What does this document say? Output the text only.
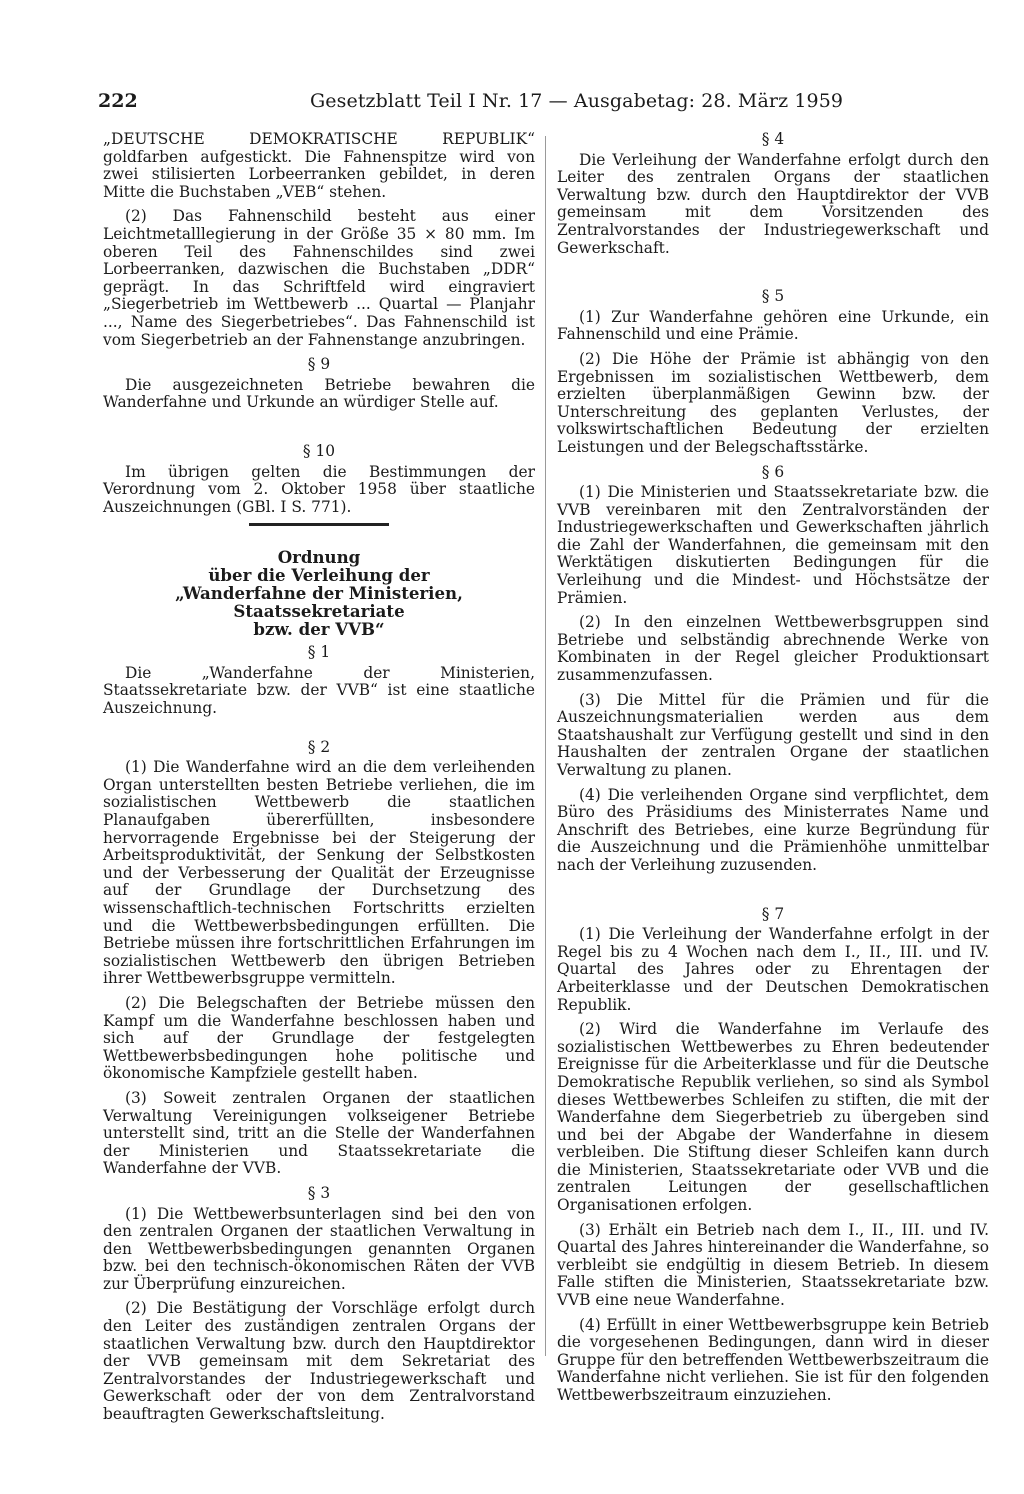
222	Gesetzblatt Teil I Nr. 17 — Ausgabetag: 28. März 1959

„DEUTSCHE DEMOKRATISCHE REPUBLIK“ goldfarben aufgestickt. Die Fahnenspitze wird von zwei stilisierten Lorbeerranken gebildet, in deren Mitte die Buchstaben „VEB“ stehen.

(2) Das Fahnenschild besteht aus einer Leichtmetalllegierung in der Größe 35 × 80 mm. Im oberen Teil des Fahnenschildes sind zwei Lorbeerranken, dazwischen die Buchstaben „DDR“ geprägt. In das Schriftfeld wird eingraviert „Siegerbetrieb im Wettbewerb ... Quartal — Planjahr ..., Name des Siegerbetriebes“. Das Fahnenschild ist vom Siegerbetrieb an der Fahnenstange anzubringen.

§ 9

Die ausgezeichneten Betriebe bewahren die Wanderfahne und Urkunde an würdiger Stelle auf.

§ 10

Im übrigen gelten die Bestimmungen der Verordnung vom 2. Oktober 1958 über staatliche Auszeichnungen (GBl. I S. 771).

Ordnung
über die Verleihung der
„Wanderfahne der Ministerien, Staatssekretariate
bzw. der VVB“
§ 1

Die „Wanderfahne der Ministerien, Staatssekretariate bzw. der VVB“ ist eine staatliche Auszeichnung.

§ 2

(1) Die Wanderfahne wird an die dem verleihenden Organ unterstellten besten Betriebe verliehen, die im sozialistischen Wettbewerb die staatlichen Planaufgaben übererfüllten, insbesondere hervorragende Ergebnisse bei der Steigerung der Arbeitsproduktivität, der Senkung der Selbstkosten und der Verbesserung der Qualität der Erzeugnisse auf der Grundlage der Durchsetzung des wissenschaftlich-technischen Fortschritts erzielten und die Wettbewerbsbedingungen erfüllten. Die Betriebe müssen ihre fortschrittlichen Erfahrungen im sozialistischen Wettbewerb den übrigen Betrieben ihrer Wettbewerbsgruppe vermitteln.

(2) Die Belegschaften der Betriebe müssen den Kampf um die Wanderfahne beschlossen haben und sich auf der Grundlage der festgelegten Wettbewerbsbedingungen hohe politische und ökonomische Kampfziele gestellt haben.

(3) Soweit zentralen Organen der staatlichen Verwaltung Vereinigungen volkseigener Betriebe unterstellt sind, tritt an die Stelle der Wanderfahnen der Ministerien und Staatssekretariate die Wanderfahne der VVB.

§ 3

(1) Die Wettbewerbsunterlagen sind bei den von den zentralen Organen der staatlichen Verwaltung in den Wettbewerbsbedingungen genannten Organen bzw. bei den technisch-ökonomischen Räten der VVB zur Überprüfung einzureichen.

(2) Die Bestätigung der Vorschläge erfolgt durch den Leiter des zuständigen zentralen Organs der staatlichen Verwaltung bzw. durch den Hauptdirektor der VVB gemeinsam mit dem Sekretariat des Zentralvorstandes der Industriegewerkschaft und Gewerkschaft oder der von dem Zentralvorstand beauftragten Gewerkschaftsleitung.

§ 4

Die Verleihung der Wanderfahne erfolgt durch den Leiter des zentralen Organs der staatlichen Verwaltung bzw. durch den Hauptdirektor der VVB gemeinsam mit dem Vorsitzenden des Zentralvorstandes der Industriegewerkschaft und Gewerkschaft.

§ 5

(1) Zur Wanderfahne gehören eine Urkunde, ein Fahnenschild und eine Prämie.

(2) Die Höhe der Prämie ist abhängig von den Ergebnissen im sozialistischen Wettbewerb, dem erzielten überplanmäßigen Gewinn bzw. der Unterschreitung des geplanten Verlustes, der volkswirtschaftlichen Bedeutung der erzielten Leistungen und der Belegschaftsstärke.

§ 6

(1) Die Ministerien und Staatssekretariate bzw. die VVB vereinbaren mit den Zentralvorständen der Industriegewerkschaften und Gewerkschaften jährlich die Zahl der Wanderfahnen, die gemeinsam mit den Werktätigen diskutierten Bedingungen für die Verleihung und die Mindest- und Höchstsätze der Prämien.

(2) In den einzelnen Wettbewerbsgruppen sind Betriebe und selbständig abrechnende Werke von Kombinaten in der Regel gleicher Produktionsart zusammenzufassen.

(3) Die Mittel für die Prämien und für die Auszeichnungsmaterialien werden aus dem Staatshaushalt zur Verfügung gestellt und sind in den Haushalten der zentralen Organe der staatlichen Verwaltung zu planen.

(4) Die verleihenden Organe sind verpflichtet, dem Büro des Präsidiums des Ministerrates Name und Anschrift des Betriebes, eine kurze Begründung für die Auszeichnung und die Prämienhöhe unmittelbar nach der Verleihung zuzusenden.

§ 7

(1) Die Verleihung der Wanderfahne erfolgt in der Regel bis zu 4 Wochen nach dem I., II., III. und IV. Quartal des Jahres oder zu Ehrentagen der Arbeiterklasse und der Deutschen Demokratischen Republik.

(2) Wird die Wanderfahne im Verlaufe des sozialistischen Wettbewerbes zu Ehren bedeutender Ereignisse für die Arbeiterklasse und für die Deutsche Demokratische Republik verliehen, so sind als Symbol dieses Wettbewerbes Schleifen zu stiften, die mit der Wanderfahne dem Siegerbetrieb zu übergeben sind und bei der Abgabe der Wanderfahne in diesem verbleiben. Die Stiftung dieser Schleifen kann durch die Ministerien, Staatssekretariate oder VVB und die zentralen Leitungen der gesellschaftlichen Organisationen erfolgen.

(3) Erhält ein Betrieb nach dem I., II., III. und IV. Quartal des Jahres hintereinander die Wanderfahne, so verbleibt sie endgültig in diesem Betrieb. In diesem Falle stiften die Ministerien, Staatssekretariate bzw. VVB eine neue Wanderfahne.

(4) Erfüllt in einer Wettbewerbsgruppe kein Betrieb die vorgesehenen Bedingungen, dann wird in dieser Gruppe für den betreffenden Wettbewerbszeitraum die Wanderfahne nicht verliehen. Sie ist für den folgenden Wettbewerbszeitraum einzuziehen.
